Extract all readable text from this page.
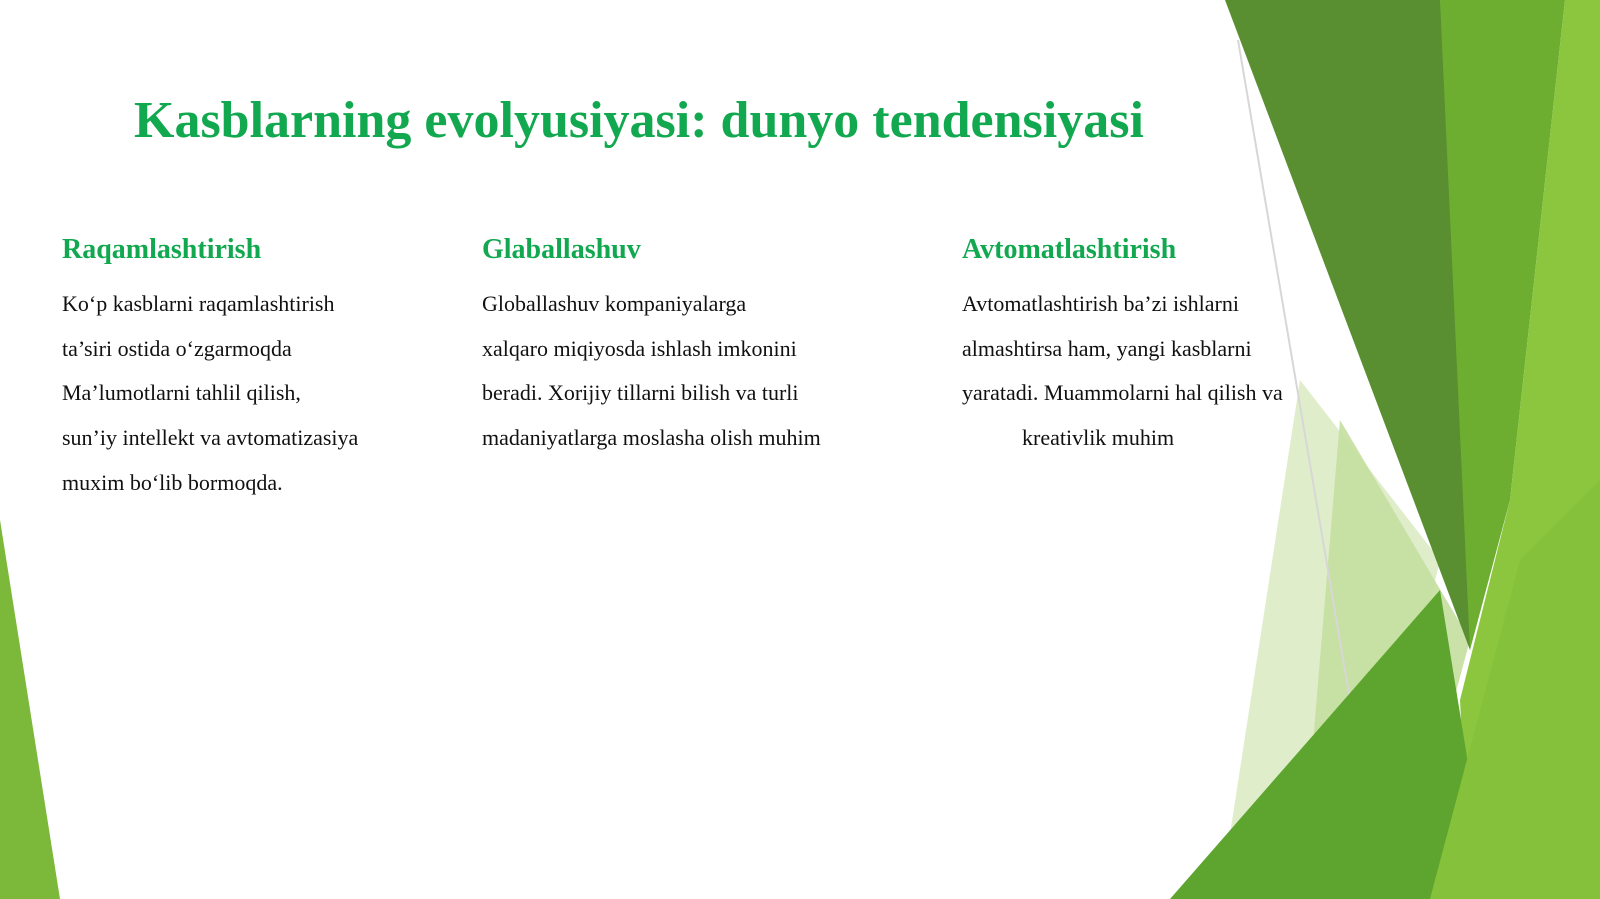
Kasblarning evolyusiyasi: dunyo tendensiyasi

Raqamlashtirish

Ko‘p kasblarni raqamlashtirish

ta’siri ostida o‘zgarmoqda

Ma’lumotlarni tahlil qilish,

sun’iy intellekt va avtomatizasiya

muxim bo‘lib bormoqda.

Glaballashuv

Globallashuv kompaniyalarga

xalqaro miqiyosda ishlash imkonini

beradi. Xorijiy tillarni bilish va turli

madaniyatlarga moslasha olish muhim

Avtomatlashtirish

Avtomatlashtirish ba’zi ishlarni

almashtirsa ham, yangi kasblarni

yaratadi. Muammolarni hal qilish va

kreativlik muhim
